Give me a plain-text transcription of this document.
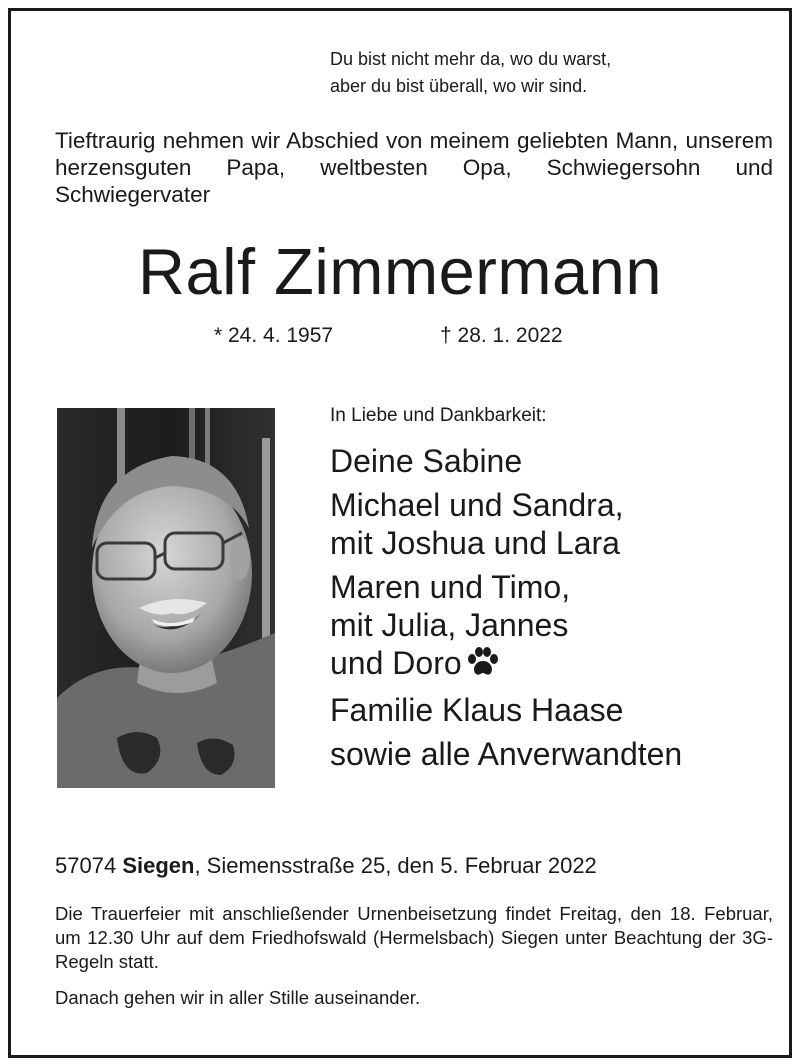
Du bist nicht mehr da, wo du warst,
aber du bist überall, wo wir sind.
Tieftraurig nehmen wir Abschied von meinem geliebten Mann, unserem herzensguten Papa, weltbesten Opa, Schwiegersohn und Schwiegervater
Ralf Zimmermann
* 24. 4. 1957	† 28. 1. 2022
In Liebe und Dankbarkeit:
Deine Sabine
Michael und Sandra,
mit Joshua und Lara
Maren und Timo,
mit Julia, Jannes
und Doro
Familie Klaus Haase
sowie alle Anverwandten
57074 Siegen, Siemensstraße 25, den 5. Februar 2022
Die Trauerfeier mit anschließender Urnenbeisetzung findet Freitag, den 18. Februar, um 12.30 Uhr auf dem Friedhofswald (Hermelsbach) Siegen unter Beachtung der 3G-Regeln statt.
Danach gehen wir in aller Stille auseinander.
